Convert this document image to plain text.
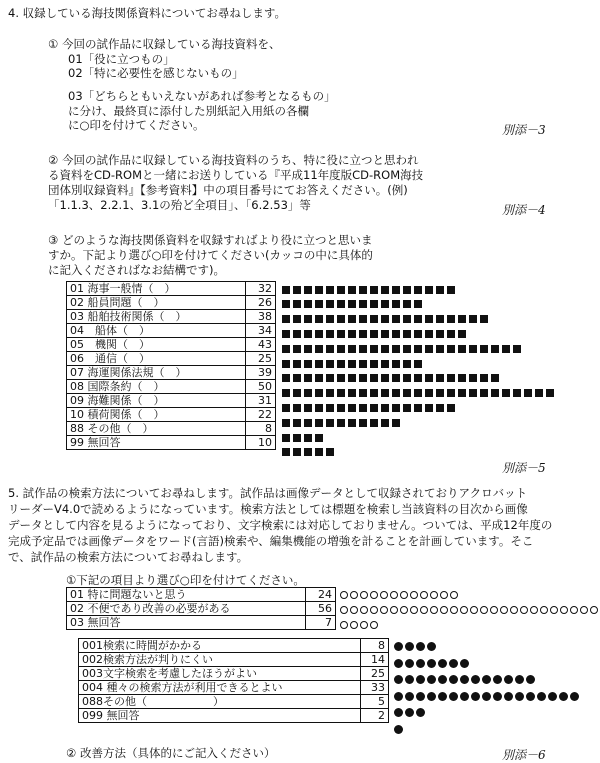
4. 収録している海技関係資料についてお尋ねします。
① 今回の試作品に収録している海技資料を、
01「役に立つもの」
02「特に必要性を感じないもの」
03「どちらともいえないがあれば参考となるもの」
に分け、最終頁に添付した別紙記入用紙の各欄
に○印を付けてください。	別添－3
② 今回の試作品に収録している海技資料のうち、特に役に立つと思われ
る資料をCD-ROMと一緒にお送りしている『平成11年度版CD-ROM海技
団体別収録資料』【参考資料】中の項目番号にてお答えください。(例)
「1.1.3、2.2.1、3.1の殆ど全項目」、「6.2.53」等	別添－4
③ どのような海技関係資料を収録すればより役に立つと思いま
すか。下記より選び○印を付けてください(カッコの中に具体的
に記入くださればなお結構です)。
01 海事一般情（　）	32
02 船員問題（　）	26
03 船舶技術関係（　）	38
04　船体（　）	34
05　機関（　）	43
06　通信（　）	25
07 海運関係法規（　）	39
08 国際条約（　）	50
09 海難関係（　）	31
10 積荷関係（　）	22
88 その他（　）	8
99 無回答	10
別添－5
5. 試作品の検索方法についてお尋ねします。試作品は画像データとして収録されておりアクロバット
リーダーV4.0で読めるようになっています。検索方法としては標題を検索し当該資料の目次から画像
データとして内容を見るようになっており、文字検索には対応しておりません。ついては、平成12年度の
完成予定品では画像データをワード(言語)検索や、編集機能の増強を計ることを計画しています。そこ
で、試作品の検索方法についてお尋ねします。
①下記の項目より選び○印を付けてください。
01 特に問題ないと思う	24
02 不便であり改善の必要がある	56
03 無回答	7
001検索に時間がかかる	8
002検索方法が判りにくい	14
003文字検索を考慮したほうがよい	25
004 種々の検索方法が利用できるとよい	33
088その他（　　　　　　）	5
099 無回答	2
② 改善方法（具体的にご記入ください）	別添－6
